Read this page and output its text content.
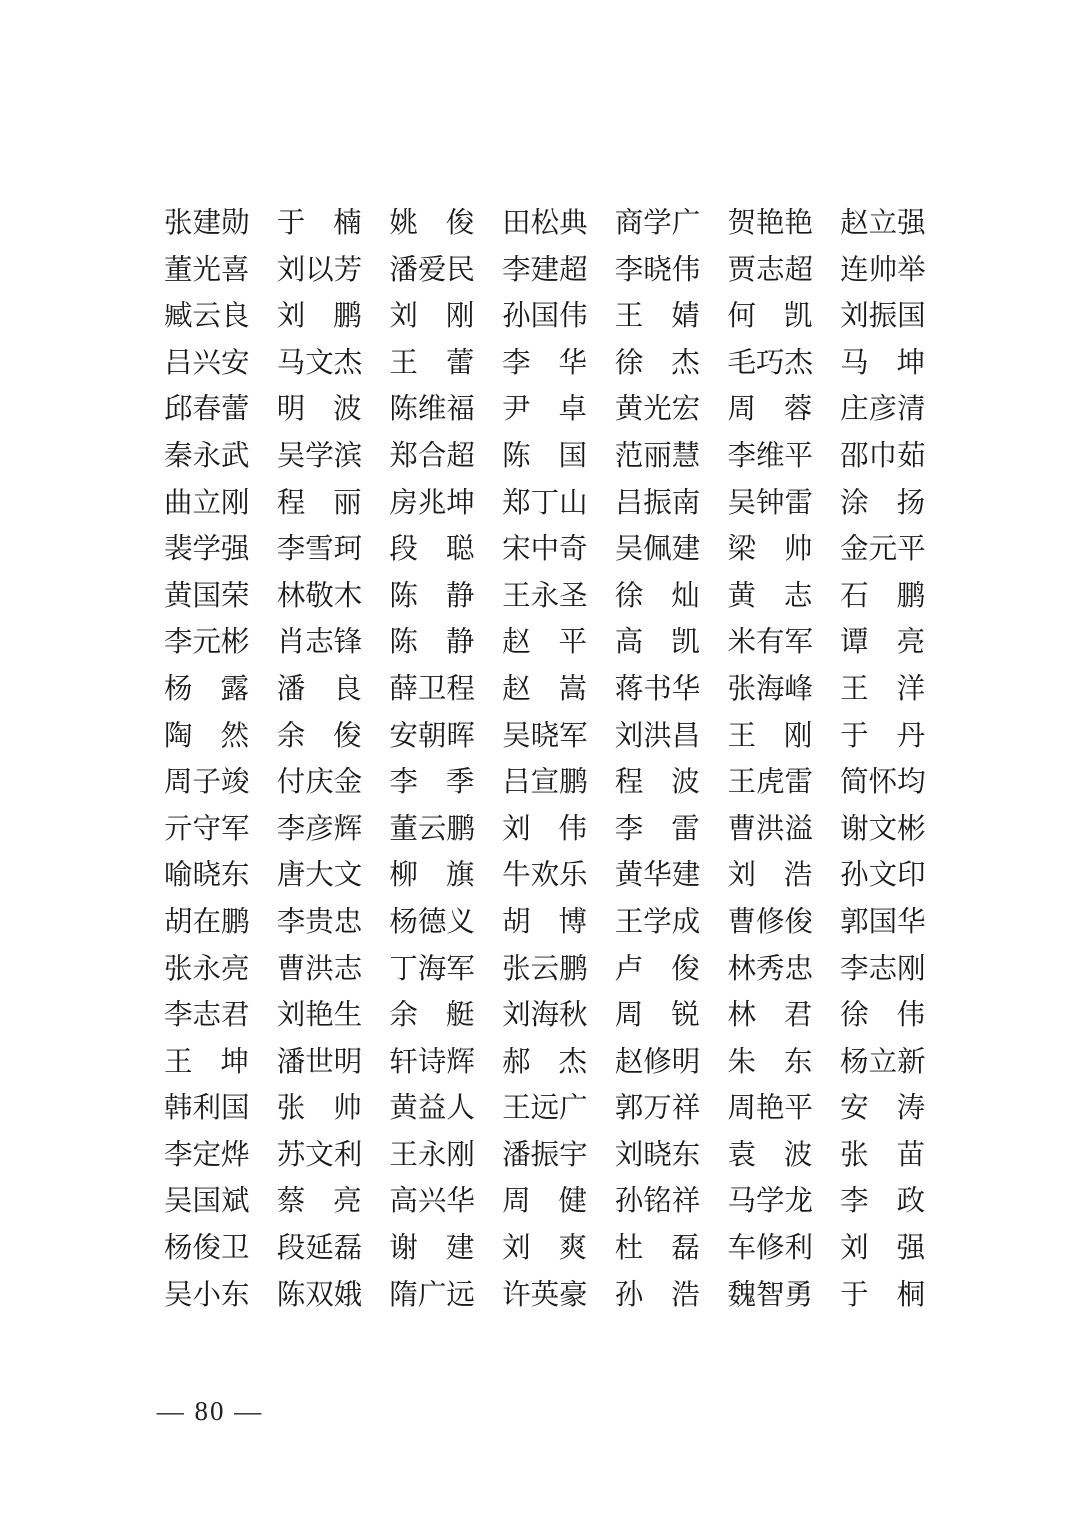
张建勋 于楠 姚俊 田松典 商学广 贺艳艳 赵立强
董光喜 刘以芳 潘爱民 李建超 李晓伟 贾志超 连帅举
臧云良 刘鹏 刘刚 孙国伟 王婧 何凯 刘振国
吕兴安 马文杰 王蕾 李华 徐杰 毛巧杰 马坤
邱春蕾 明波 陈维福 尹卓 黄光宏 周蓉 庄彦清
秦永武 吴学滨 郑合超 陈国 范丽慧 李维平 邵巾茹
曲立刚 程丽 房兆坤 郑丁山 吕振南 吴钟雷 涂扬
裴学强 李雪珂 段聪 宋中奇 吴佩建 梁帅 金元平
黄国荣 林敬木 陈静 王永圣 徐灿 黄志 石鹏
李元彬 肖志锋 陈静 赵平 高凯 米有军 谭亮
杨露 潘良 薛卫程 赵嵩 蒋书华 张海峰 王洋
陶然 余俊 安朝晖 吴晓军 刘洪昌 王刚 于丹
周子竣 付庆金 李季 吕宣鹏 程波 王虎雷 简怀均
亓守军 李彦辉 董云鹏 刘伟 李雷 曹洪溢 谢文彬
喻晓东 唐大文 柳旗 牛欢乐 黄华建 刘浩 孙文印
胡在鹏 李贵忠 杨德义 胡博 王学成 曹修俊 郭国华
张永亮 曹洪志 丁海军 张云鹏 卢俊 林秀忠 李志刚
李志君 刘艳生 余艇 刘海秋 周锐 林君 徐伟
王坤 潘世明 轩诗辉 郝杰 赵修明 朱东 杨立新
韩利国 张帅 黄益人 王远广 郭万祥 周艳平 安涛
李定烨 苏文利 王永刚 潘振宇 刘晓东 袁波 张苗
吴国斌 蔡亮 高兴华 周健 孙铭祥 马学龙 李政
杨俊卫 段延磊 谢建 刘爽 杜磊 车修利 刘强
吴小东 陈双娥 隋广远 许英豪 孙浩 魏智勇 于桐
— 80 —
